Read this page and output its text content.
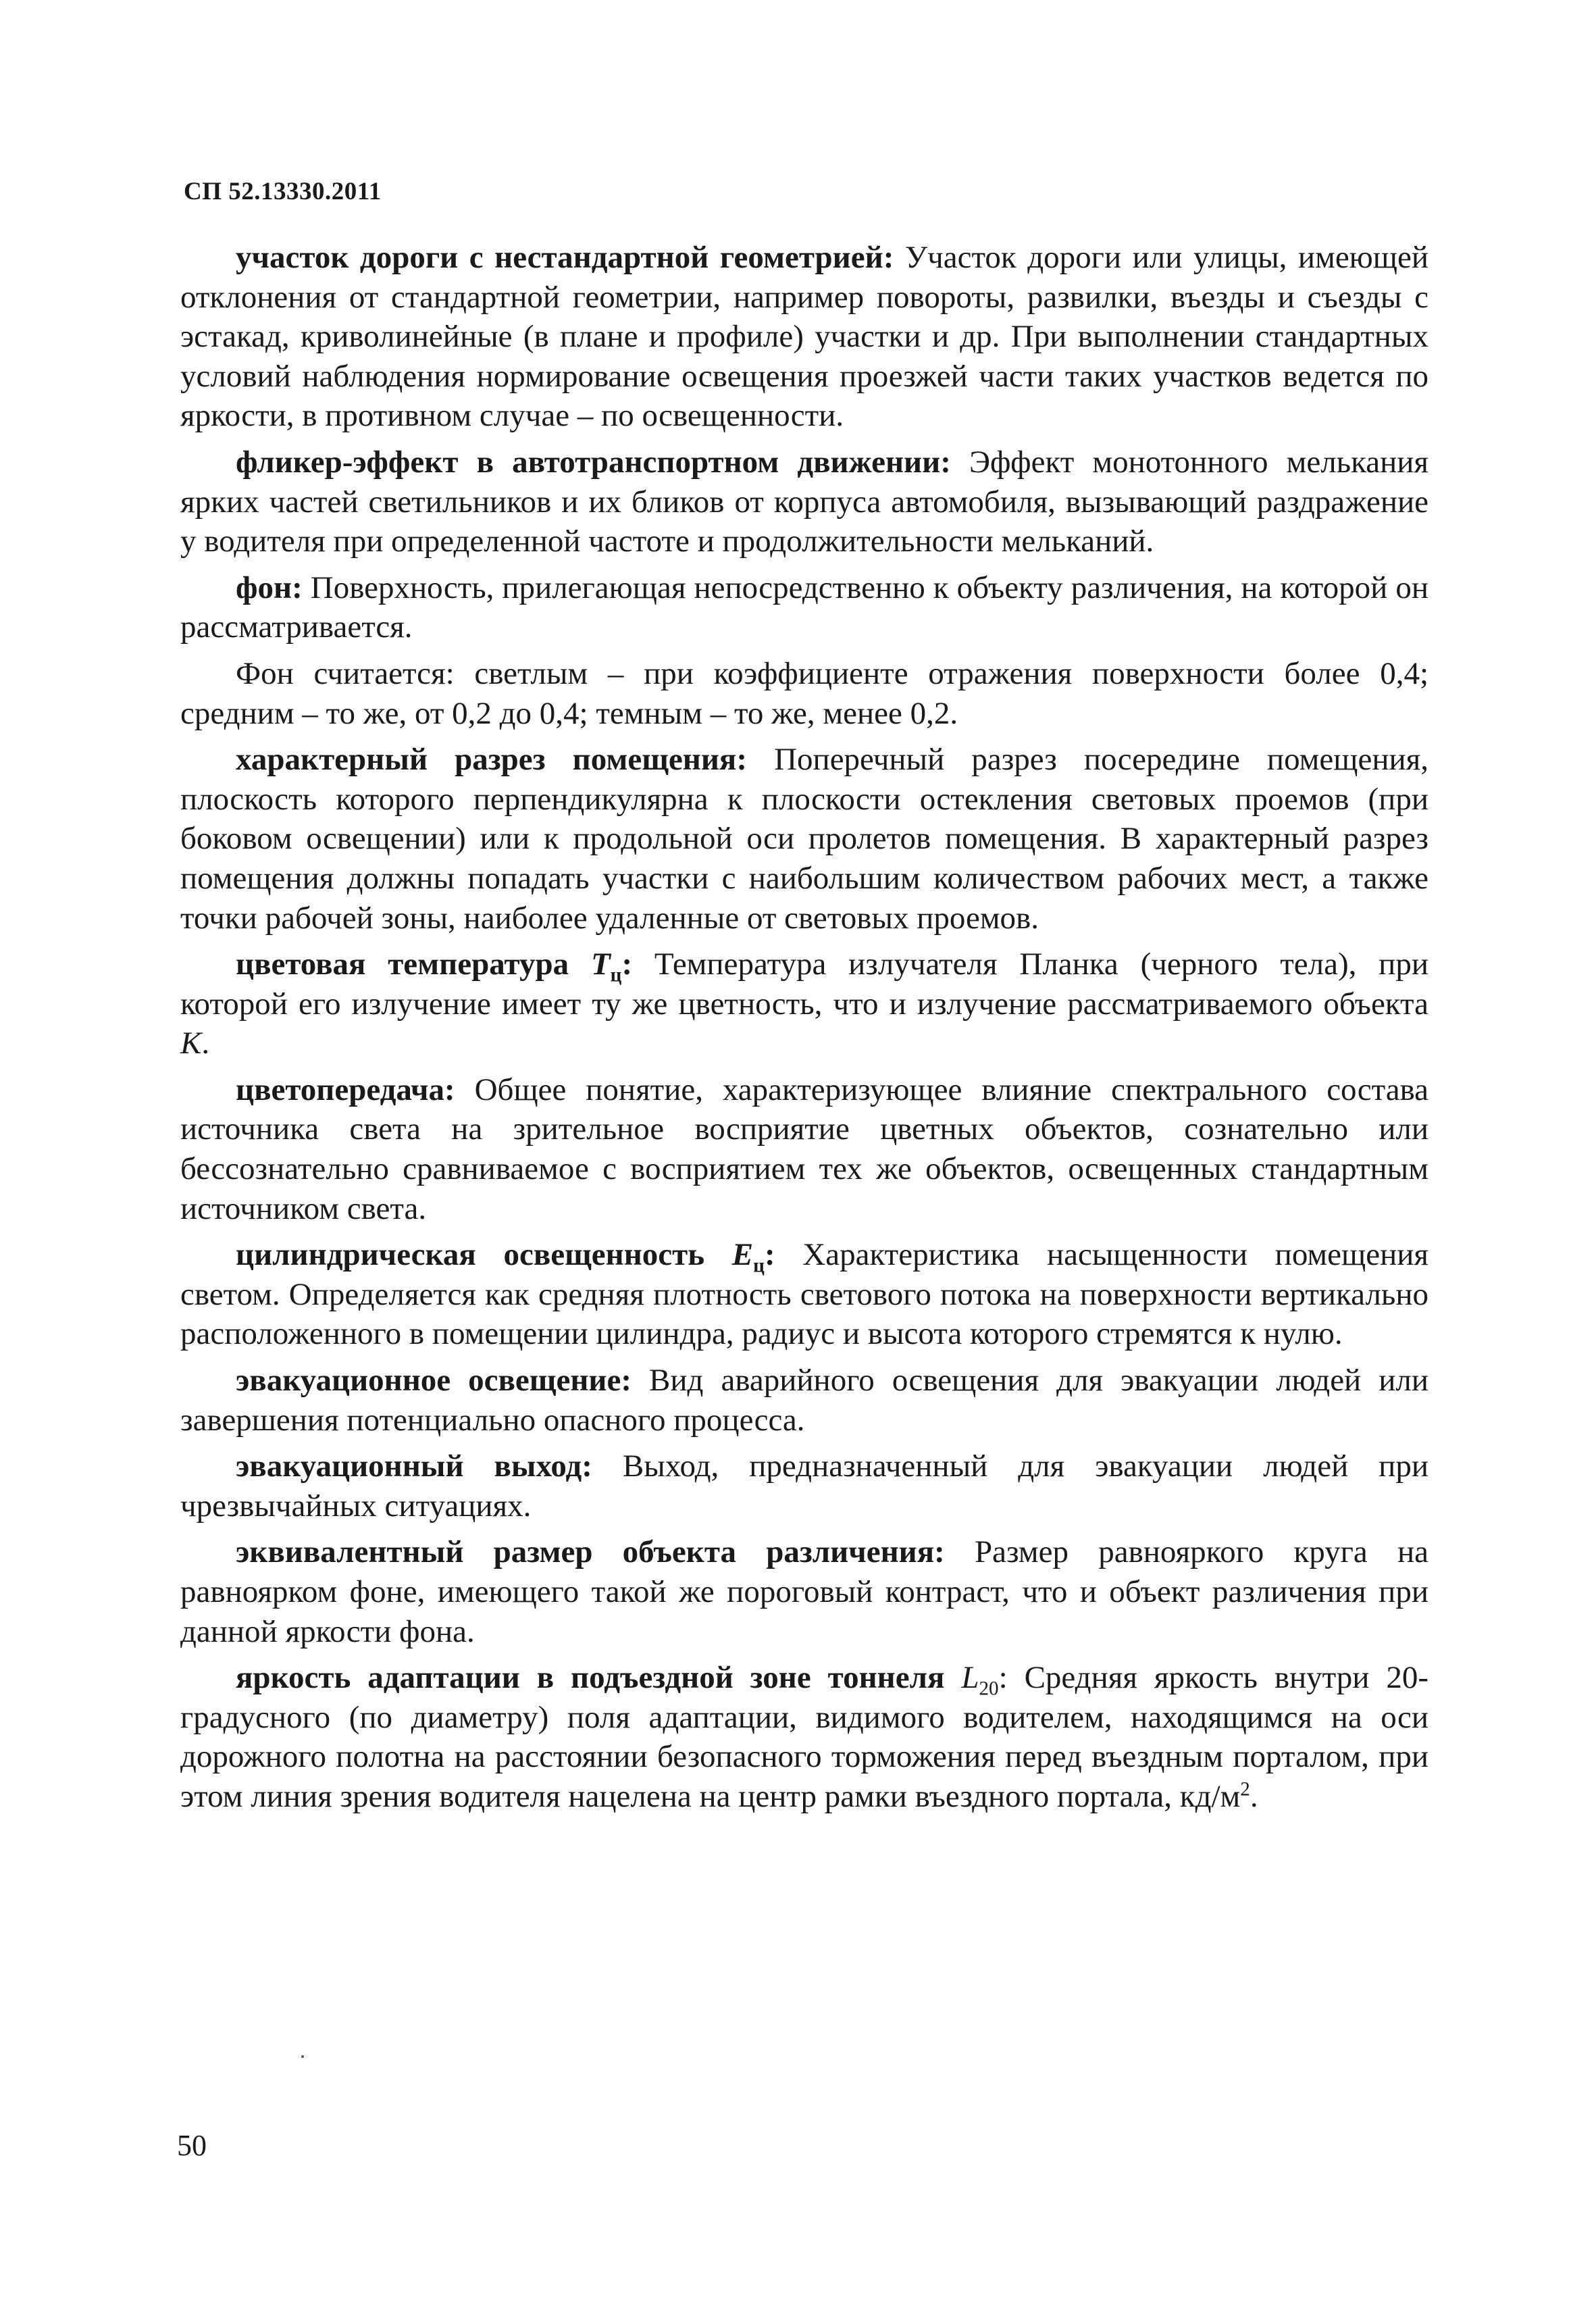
СП 52.13330.2011

участок дороги с нестандартной геометрией: Участок дороги или улицы, имеющей отклонения от стандартной геометрии, например повороты, развилки, въезды и съезды с эстакад, криволинейные (в плане и профиле) участки и др. При выполнении стандартных условий наблюдения нормирование освещения проезжей части таких участков ведется по яркости, в противном случае – по освещенности.

фликер-эффект в автотранспортном движении: Эффект монотонного мелькания ярких частей светильников и их бликов от корпуса автомобиля, вызывающий раздражение у водителя при определенной частоте и продолжительности мельканий.

фон: Поверхность, прилегающая непосредственно к объекту различения, на которой он рассматривается.

Фон считается: светлым – при коэффициенте отражения поверхности более 0,4; средним – то же, от 0,2 до 0,4; темным – то же, менее 0,2.

характерный разрез помещения: Поперечный разрез посередине помещения, плоскость которого перпендикулярна к плоскости остекления световых проемов (при боковом освещении) или к продольной оси пролетов помещения. В характерный разрез помещения должны попадать участки с наибольшим количеством рабочих мест, а также точки рабочей зоны, наиболее удаленные от световых проемов.

цветовая температура $T_ц$: Температура излучателя Планка (черного тела), при которой его излучение имеет ту же цветность, что и излучение рассматриваемого объекта K.

цветопередача: Общее понятие, характеризующее влияние спектрального состава источника света на зрительное восприятие цветных объектов, сознательно или бессознательно сравниваемое с восприятием тех же объектов, освещенных стандартным источником света.

цилиндрическая освещенность $E_ц$: Характеристика насыщенности помещения светом. Определяется как средняя плотность светового потока на поверхности вертикально расположенного в помещении цилиндра, радиус и высота которого стремятся к нулю.

эвакуационное освещение: Вид аварийного освещения для эвакуации людей или завершения потенциально опасного процесса.

эвакуационный выход: Выход, предназначенный для эвакуации людей при чрезвычайных ситуациях.

эквивалентный размер объекта различения: Размер равнояркого круга на равноярком фоне, имеющего такой же пороговый контраст, что и объект различения при данной яркости фона.

яркость адаптации в подъездной зоне тоннеля $L_{20}$: Средняя яркость внутри 20-градусного (по диаметру) поля адаптации, видимого водителем, находящимся на оси дорожного полотна на расстоянии безопасного торможения перед въездным порталом, при этом линия зрения водителя нацелена на центр рамки въездного портала, $кд/м^2$.

50
